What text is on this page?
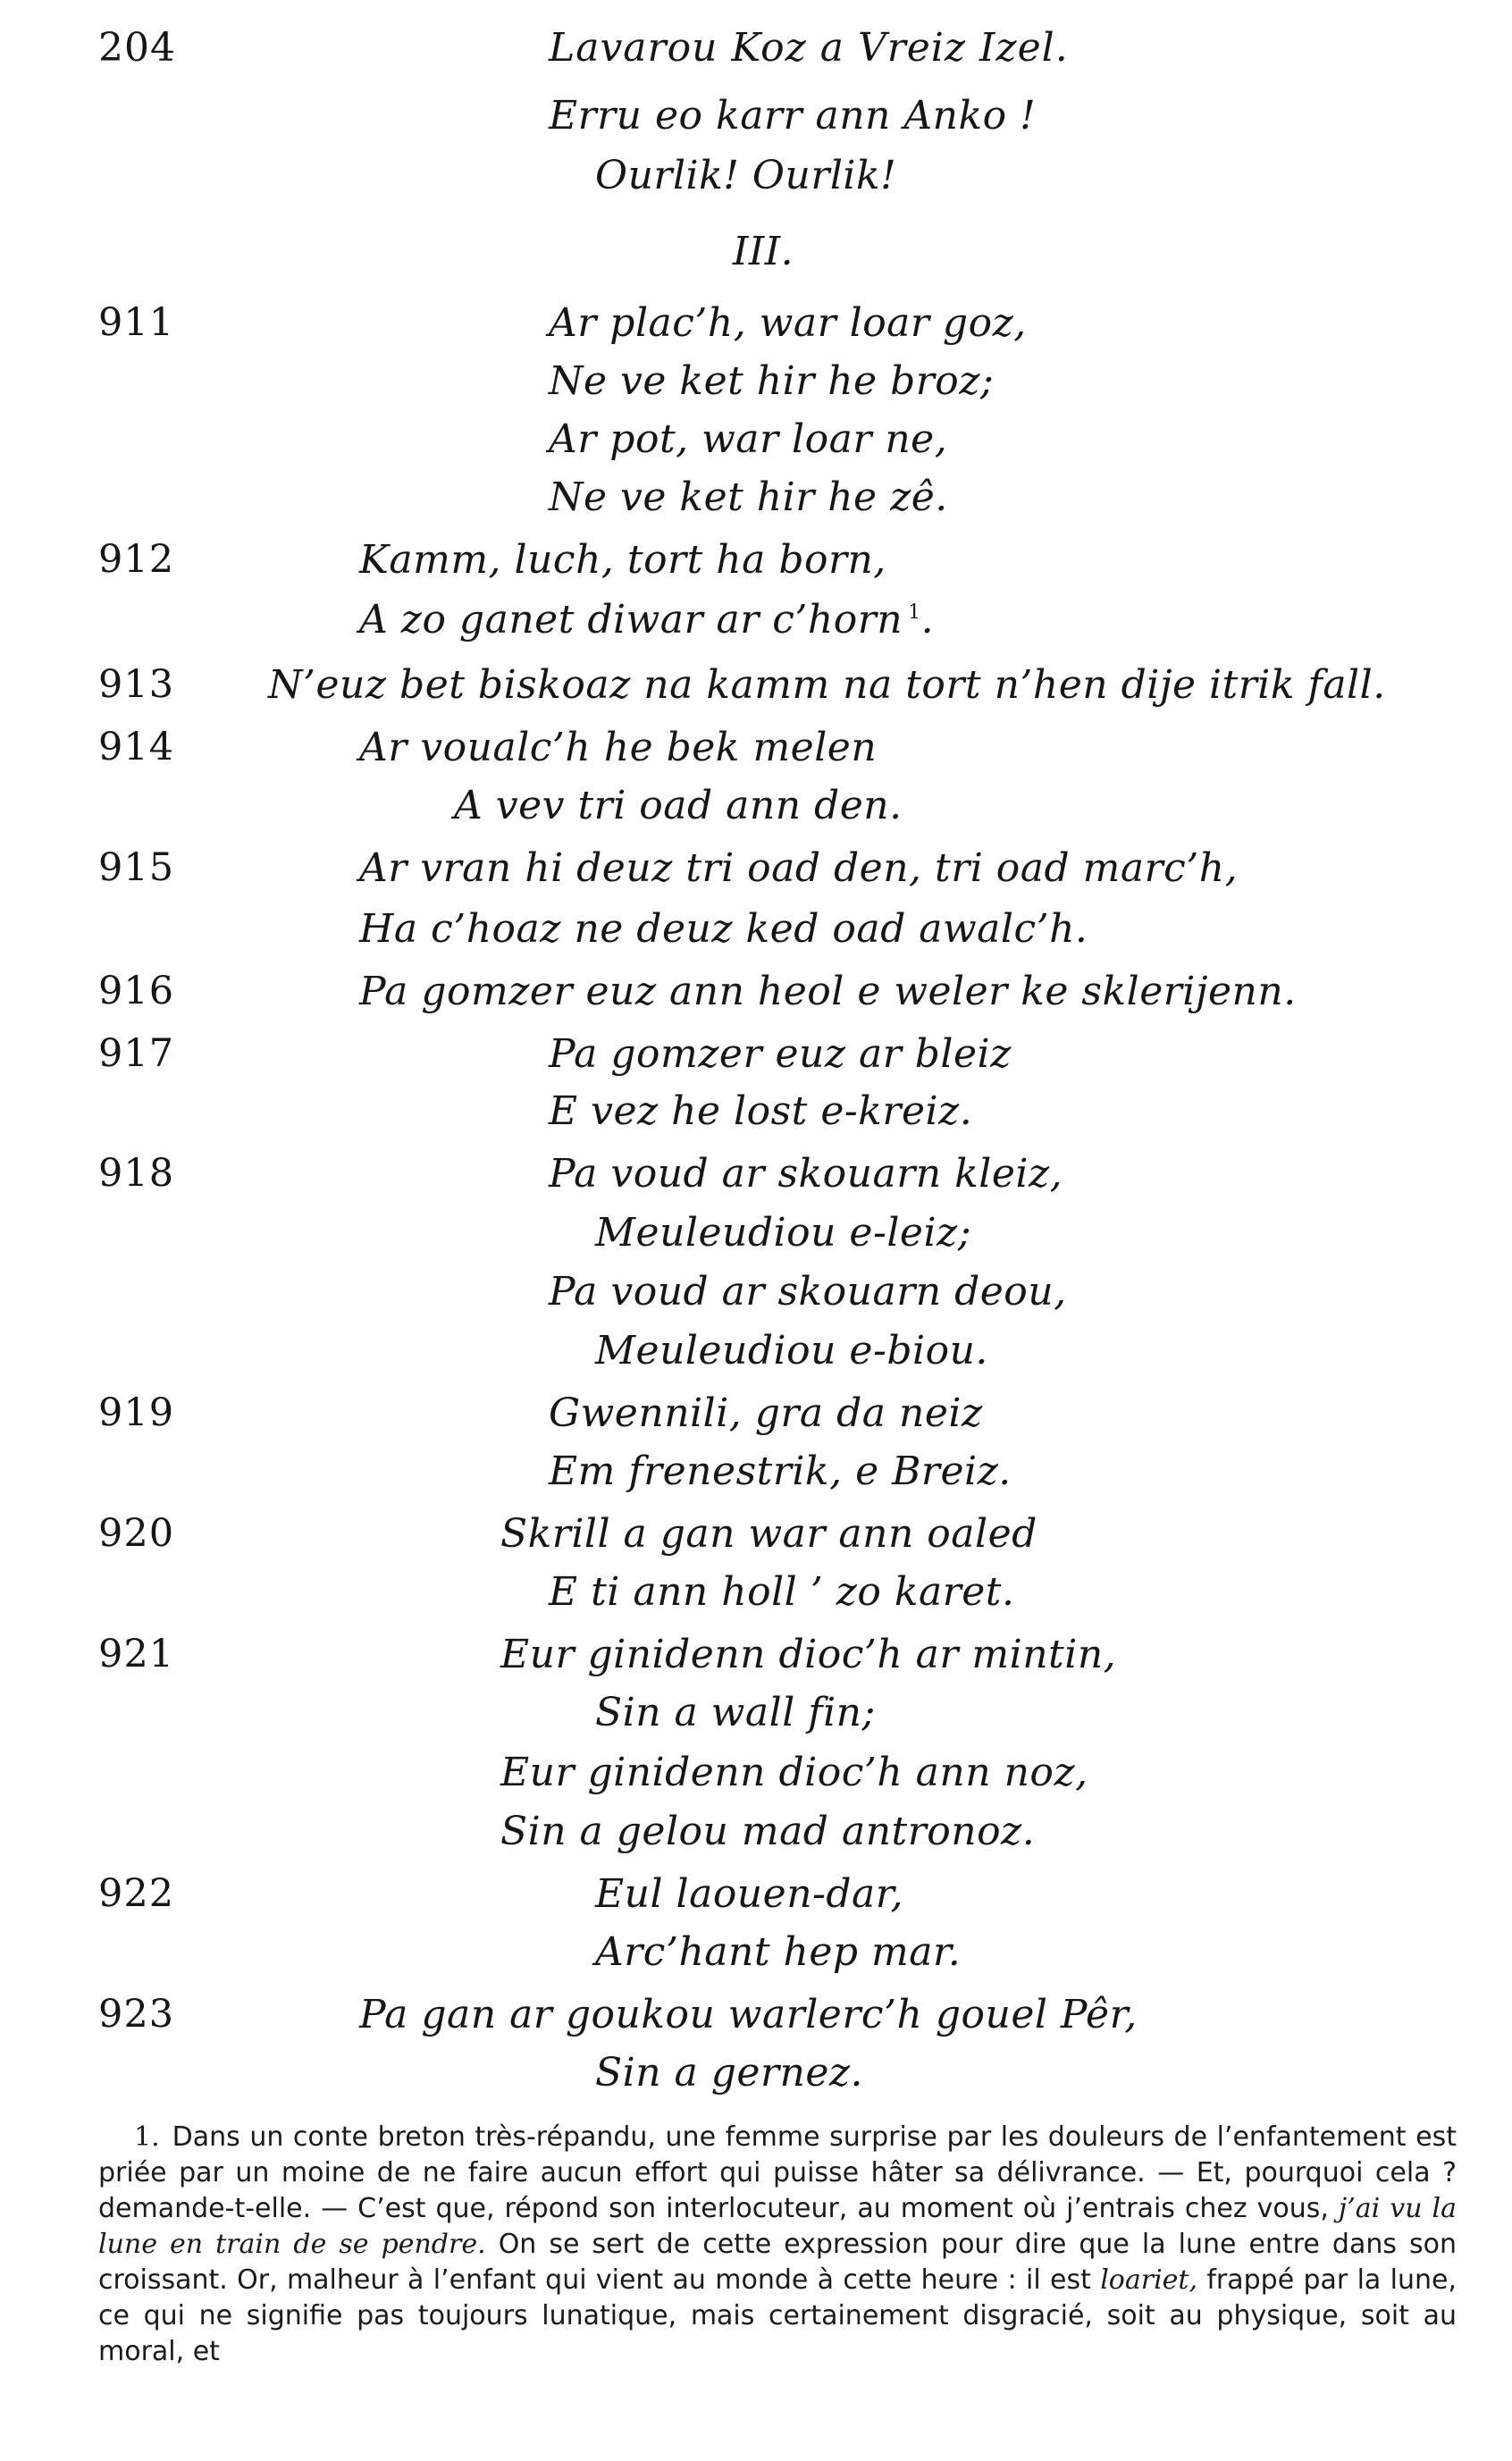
204	Lavarou Koz a Vreiz Izel.
Erru eo karr ann Anko !
Ourlik! Ourlik!
III.
911	Ar plac’h, war loar goz,
Ne ve ket hir he broz;
Ar pot, war loar ne,
Ne ve ket hir he zê.
912	Kamm, luch, tort ha born,
A zo ganet diwar ar c’horn $^1$.
913 N’euz bet biskoaz na kamm na tort n’hen dije itrik fall.
914	Ar voualc’h he bek melen
A vev tri oad ann den.
915	Ar vran hi deuz tri oad den, tri oad marc’h,
Ha c’hoaz ne deuz ked oad awalc’h.
916	Pa gomzer euz ann heol e weler ke sklerijenn.
917	Pa gomzer euz ar bleiz
E vez he lost e-kreiz.
918	Pa voud ar skouarn kleiz,
Meuleudiou e-leiz;
Pa voud ar skouarn deou,
Meuleudiou e-biou.
919	Gwennili, gra da neiz
Em frenestrik, e Breiz.
920	Skrill a gan war ann oaled
E ti ann holl ’ zo karet.
921	Eur ginidenn dioc’h ar mintin,
Sin a wall fin;
Eur ginidenn dioc’h ann noz,
Sin a gelou mad antronoz.
922	Eul laouen-dar,
Arc’hant hep mar.
923	Pa gan ar goukou warlerc’h gouel Pêr,
Sin a gernez.

1. Dans un conte breton très-répandu, une femme surprise par les douleurs de l’enfantement est priée par un moine de ne faire aucun effort qui puisse hâter sa délivrance. — Et, pourquoi cela ? demande-t-elle. — C’est que, répond son interlocuteur, au moment où j’entrais chez vous, j’ai vu la lune en train de se pendre. On se sert de cette expression pour dire que la lune entre dans son croissant. Or, malheur à l’enfant qui vient au monde à cette heure : il est loariet, frappé par la lune, ce qui ne signifie pas toujours lunatique, mais certainement disgracié, soit au physique, soit au moral, et
